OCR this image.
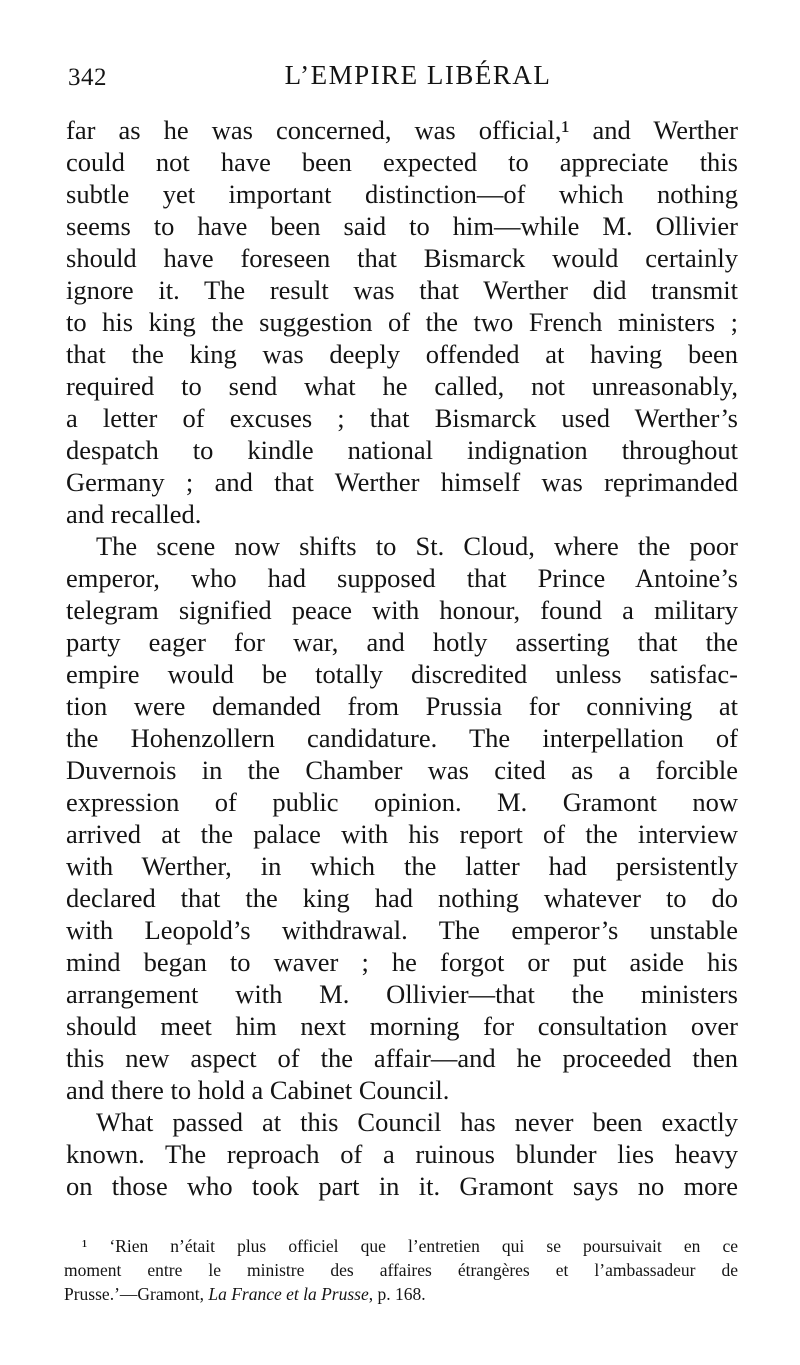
342	L’EMPIRE LIBÉRAL
far as he was concerned, was official,¹ and Werther
could not have been expected to appreciate this
subtle yet important distinction—of which nothing
seems to have been said to him—while M. Ollivier
should have foreseen that Bismarck would certainly
ignore it. The result was that Werther did transmit
to his king the suggestion of the two French ministers ;
that the king was deeply offended at having been
required to send what he called, not unreasonably,
a letter of excuses ; that Bismarck used Werther’s
despatch to kindle national indignation throughout
Germany ; and that Werther himself was reprimanded
and recalled.
The scene now shifts to St. Cloud, where the poor
emperor, who had supposed that Prince Antoine’s
telegram signified peace with honour, found a military
party eager for war, and hotly asserting that the
empire would be totally discredited unless satisfac-
tion were demanded from Prussia for conniving at
the Hohenzollern candidature. The interpellation of
Duvernois in the Chamber was cited as a forcible
expression of public opinion. M. Gramont now
arrived at the palace with his report of the interview
with Werther, in which the latter had persistently
declared that the king had nothing whatever to do
with Leopold’s withdrawal. The emperor’s unstable
mind began to waver ; he forgot or put aside his
arrangement with M. Ollivier—that the ministers
should meet him next morning for consultation over
this new aspect of the affair—and he proceeded then
and there to hold a Cabinet Council.
What passed at this Council has never been exactly
known. The reproach of a ruinous blunder lies heavy
on those who took part in it. Gramont says no more
¹ ‘Rien n’était plus officiel que l’entretien qui se poursuivait en ce
moment entre le ministre des affaires étrangères et l’ambassadeur de
Prusse.’—Gramont, La France et la Prusse, p. 168.
